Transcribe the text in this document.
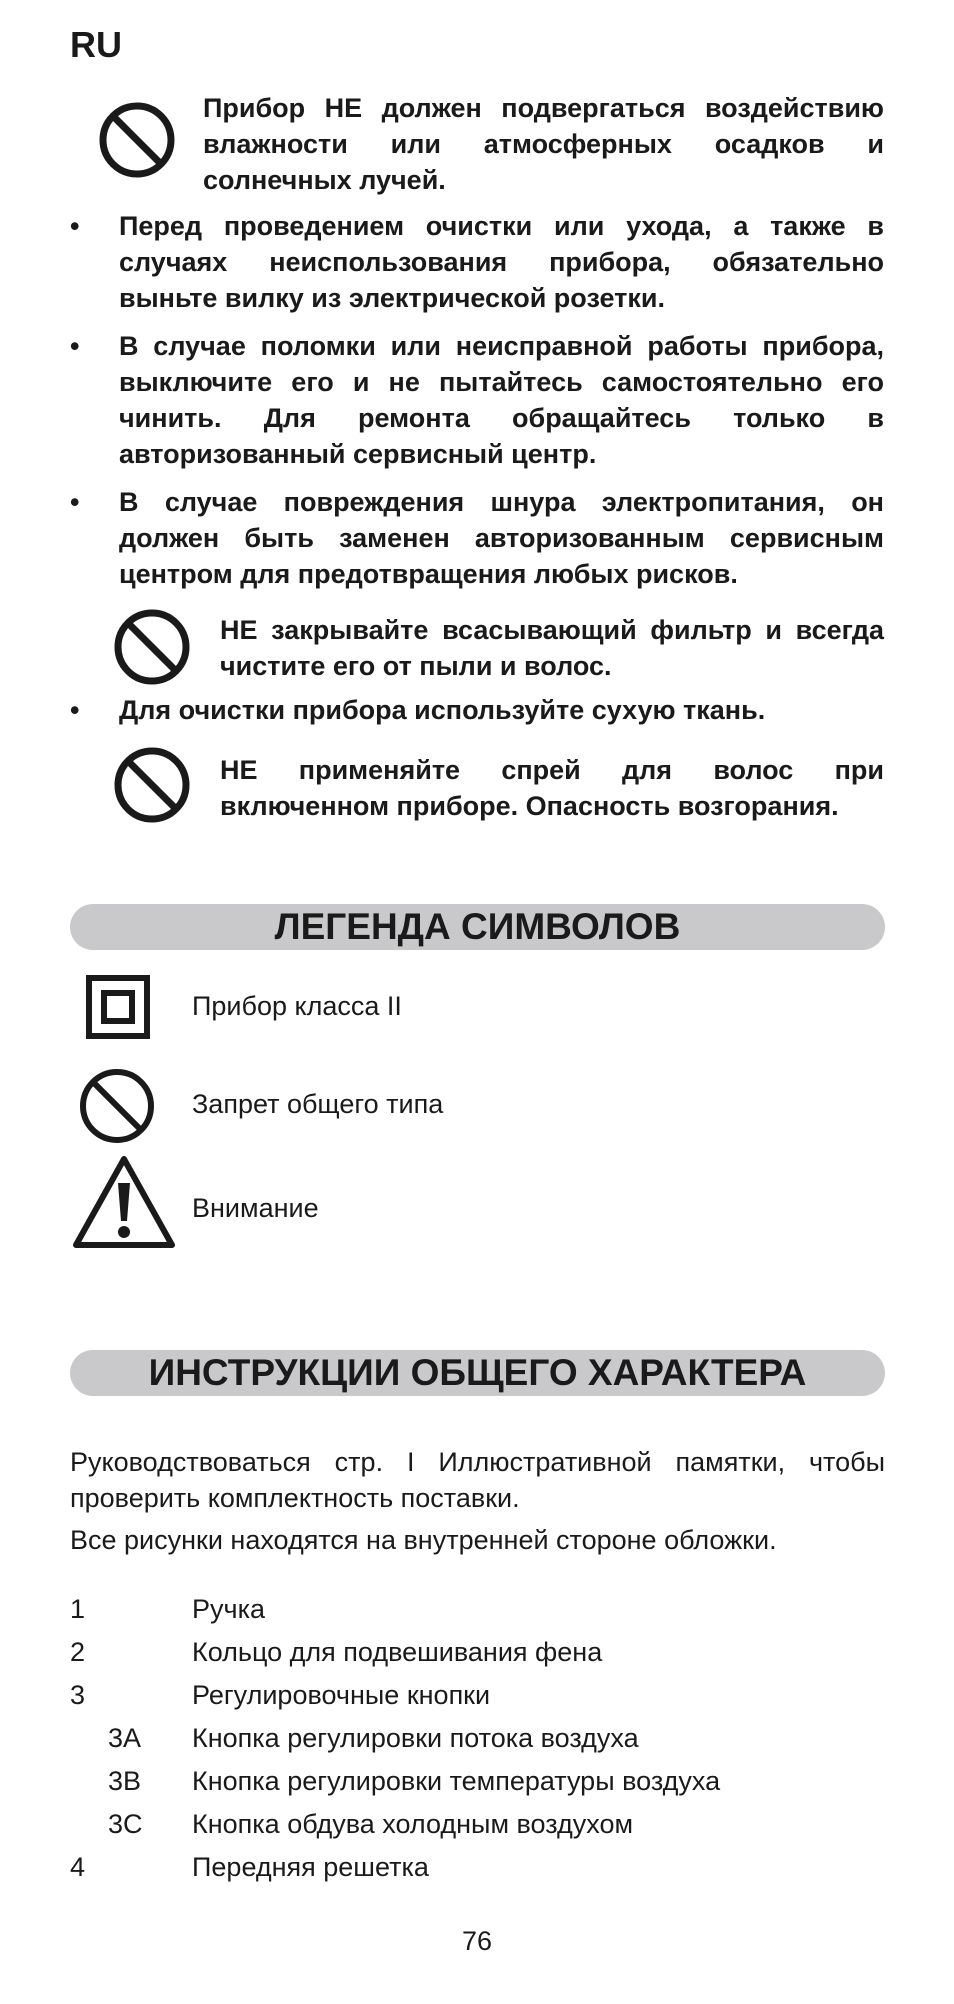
RU
Прибор НЕ должен подвергаться воздействию влажности или атмосферных осадков и солнечных лучей.
• Перед проведением очистки или ухода, а также в случаях неиспользования прибора, обязательно выньте вилку из электрической розетки.
• В случае поломки или неисправной работы прибора, выключите его и не пытайтесь самостоятельно его чинить. Для ремонта обращайтесь только в авторизованный сервисный центр.
• В случае повреждения шнура электропитания, он должен быть заменен авторизованным сервисным центром для предотвращения любых рисков.
НЕ закрывайте всасывающий фильтр и всегда чистите его от пыли и волос.
• Для очистки прибора используйте сухую ткань.
НЕ применяйте спрей для волос при включенном приборе. Опасность возгорания.
ЛЕГЕНДА СИМВОЛОВ
Прибор класса II
Запрет общего типа
Внимание
ИНСТРУКЦИИ ОБЩЕГО ХАРАКТЕРА
Руководствоваться стр. I Иллюстративной памятки, чтобы проверить комплектность поставки.
Все рисунки находятся на внутренней стороне обложки.
1	Ручка
2	Кольцо для подвешивания фена
3	Регулировочные кнопки
3A Кнопка регулировки потока воздуха
3B Кнопка регулировки температуры воздуха
3C Кнопка обдува холодным воздухом
4	Передняя решетка
76
